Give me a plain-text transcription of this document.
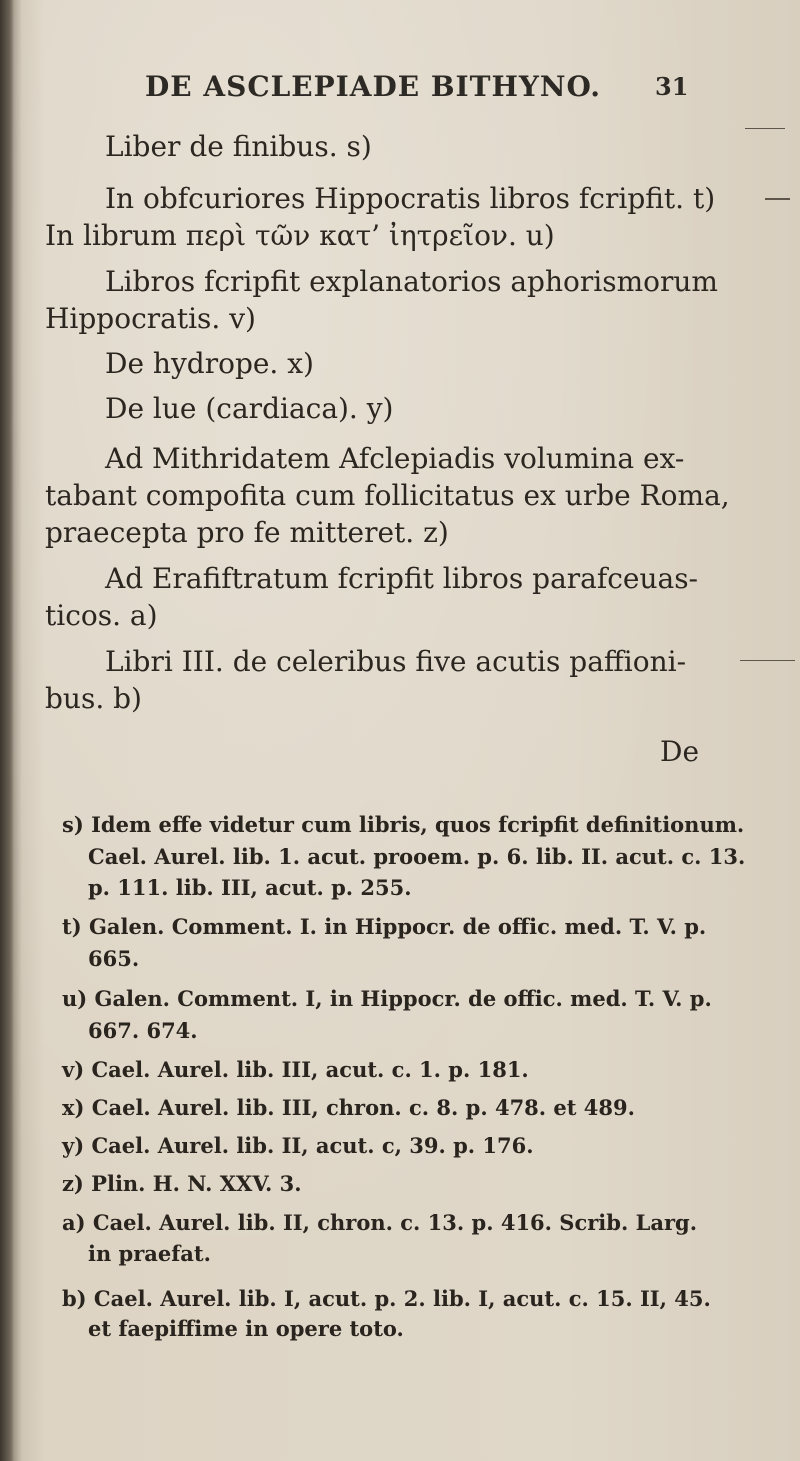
DE ASCLEPIADE BITHYNO. 31
Liber de finibus. s)
In obfcuriores Hippocratis libros fcripfit. t)
In librum περὶ τῶν κατ’ ἰητρεῖον. u)
Libros fcripfit explanatorios aphorismorum
Hippocratis. v)
De hydrope. x)
De lue (cardiaca). y)
Ad Mithridatem Afclepiadis volumina ex-
tabant compofita cum follicitatus ex urbe Roma,
praecepta pro fe mitteret. z)
Ad Erafiftratum fcripfit libros parafceuas-
ticos. a)
Libri III. de celeribus five acutis paffioni-
bus. b)
De
s) Idem effe videtur cum libris, quos fcripfit definitionum.
Cael. Aurel. lib. 1. acut. prooem. p. 6. lib. II. acut. c. 13.
p. 111. lib. III, acut. p. 255.
t) Galen. Comment. I. in Hippocr. de offic. med. T. V. p.
665.
u) Galen. Comment. I, in Hippocr. de offic. med. T. V. p.
667. 674.
v) Cael. Aurel. lib. III, acut. c. 1. p. 181.
x) Cael. Aurel. lib. III, chron. c. 8. p. 478. et 489.
y) Cael. Aurel. lib. II, acut. c, 39. p. 176.
z) Plin. H. N. XXV. 3.
a) Cael. Aurel. lib. II, chron. c. 13. p. 416. Scrib. Larg.
in praefat.
b) Cael. Aurel. lib. I, acut. p. 2. lib. I, acut. c. 15. II, 45.
et faepiffime in opere toto.
